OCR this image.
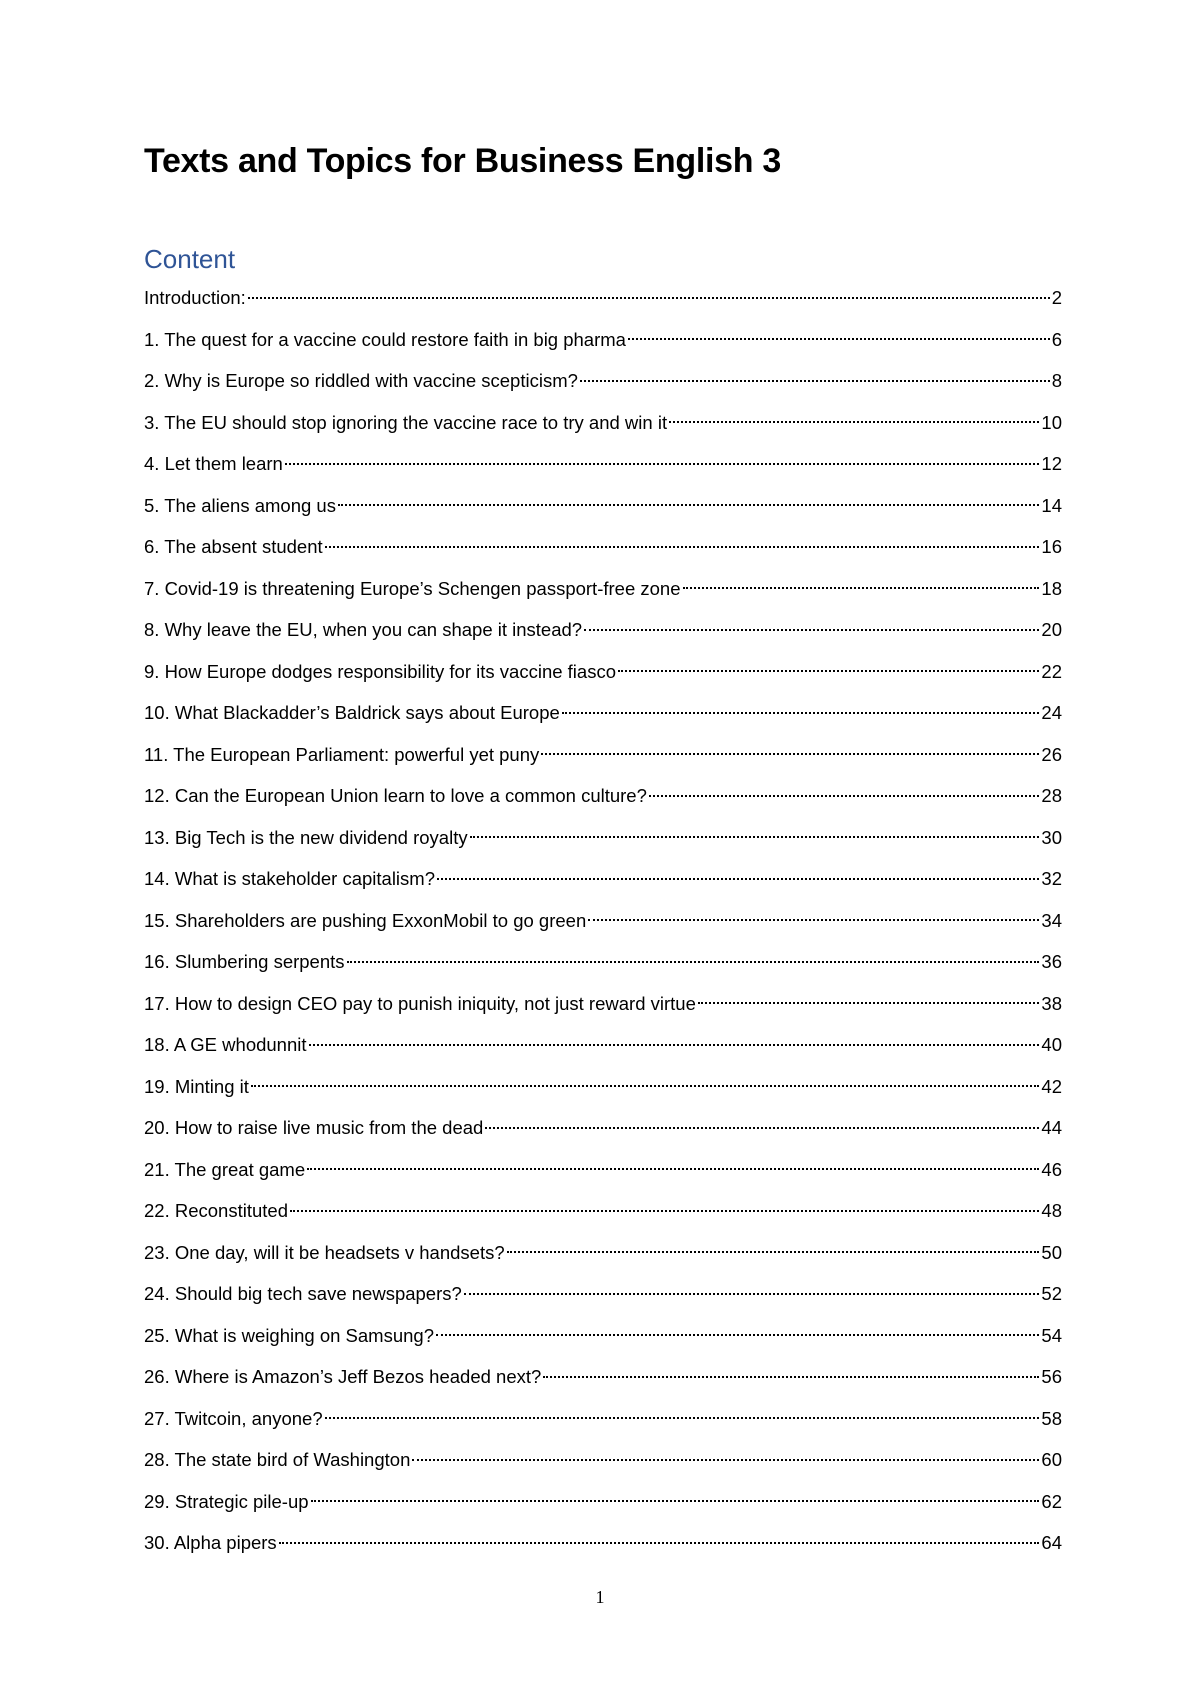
Texts and Topics for Business English 3
Content
Introduction:	2
1. The quest for a vaccine could restore faith in big pharma	6
2. Why is Europe so riddled with vaccine scepticism?	8
3. The EU should stop ignoring the vaccine race to try and win it	10
4. Let them learn	12
5. The aliens among us	14
6. The absent student	16
7. Covid-19 is threatening Europe’s Schengen passport-free zone	18
8. Why leave the EU, when you can shape it instead?	20
9. How Europe dodges responsibility for its vaccine fiasco	22
10. What Blackadder’s Baldrick says about Europe	24
11. The European Parliament: powerful yet puny	26
12. Can the European Union learn to love a common culture?	28
13. Big Tech is the new dividend royalty	30
14. What is stakeholder capitalism?	32
15. Shareholders are pushing ExxonMobil to go green	34
16. Slumbering serpents	36
17. How to design CEO pay to punish iniquity, not just reward virtue	38
18. A GE whodunnit	40
19. Minting it	42
20. How to raise live music from the dead	44
21. The great game	46
22. Reconstituted	48
23. One day, will it be headsets v handsets?	50
24. Should big tech save newspapers?	52
25. What is weighing on Samsung?	54
26. Where is Amazon’s Jeff Bezos headed next?	56
27. Twitcoin, anyone?	58
28. The state bird of Washington	60
29. Strategic pile-up	62
30. Alpha pipers	64
1
